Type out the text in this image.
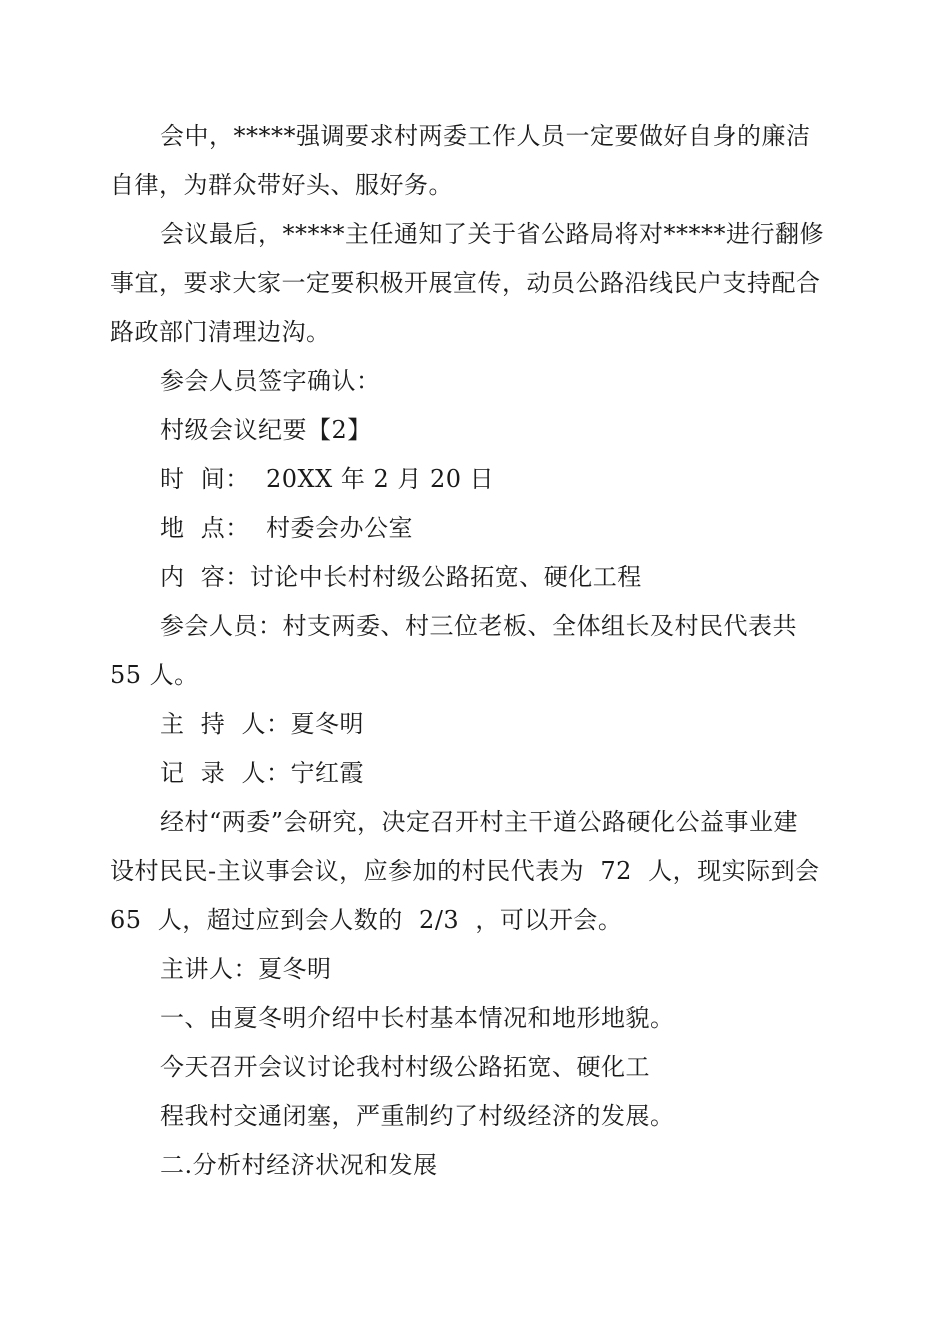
会中，*****强调要求村两委工作人员一定要做好自身的廉洁
自律，为群众带好头、服好务。

会议最后，*****主任通知了关于省公路局将对*****进行翻修
事宜，要求大家一定要积极开展宣传，动员公路沿线民户支持配合
路政部门清理边沟。

参会人员签字确认：

村级会议纪要【2】

时  间：  20XX 年 2 月 20 日

地  点：  村委会办公室

内  容：讨论中长村村级公路拓宽、硬化工程

参会人员：村支两委、村三位老板、全体组长及村民代表共
55 人。

主  持  人：夏冬明

记  录  人：宁红霞

经村“两委”会研究，决定召开村主干道公路硬化公益事业建
设村民民-主议事会议，应参加的村民代表为  72  人，现实际到会
65  人，超过应到会人数的  2/3  ，可以开会。

主讲人：夏冬明

一、由夏冬明介绍中长村基本情况和地形地貌。

今天召开会议讨论我村村级公路拓宽、硬化工

程我村交通闭塞，严重制约了村级经济的发展。

二.分析村经济状况和发展
